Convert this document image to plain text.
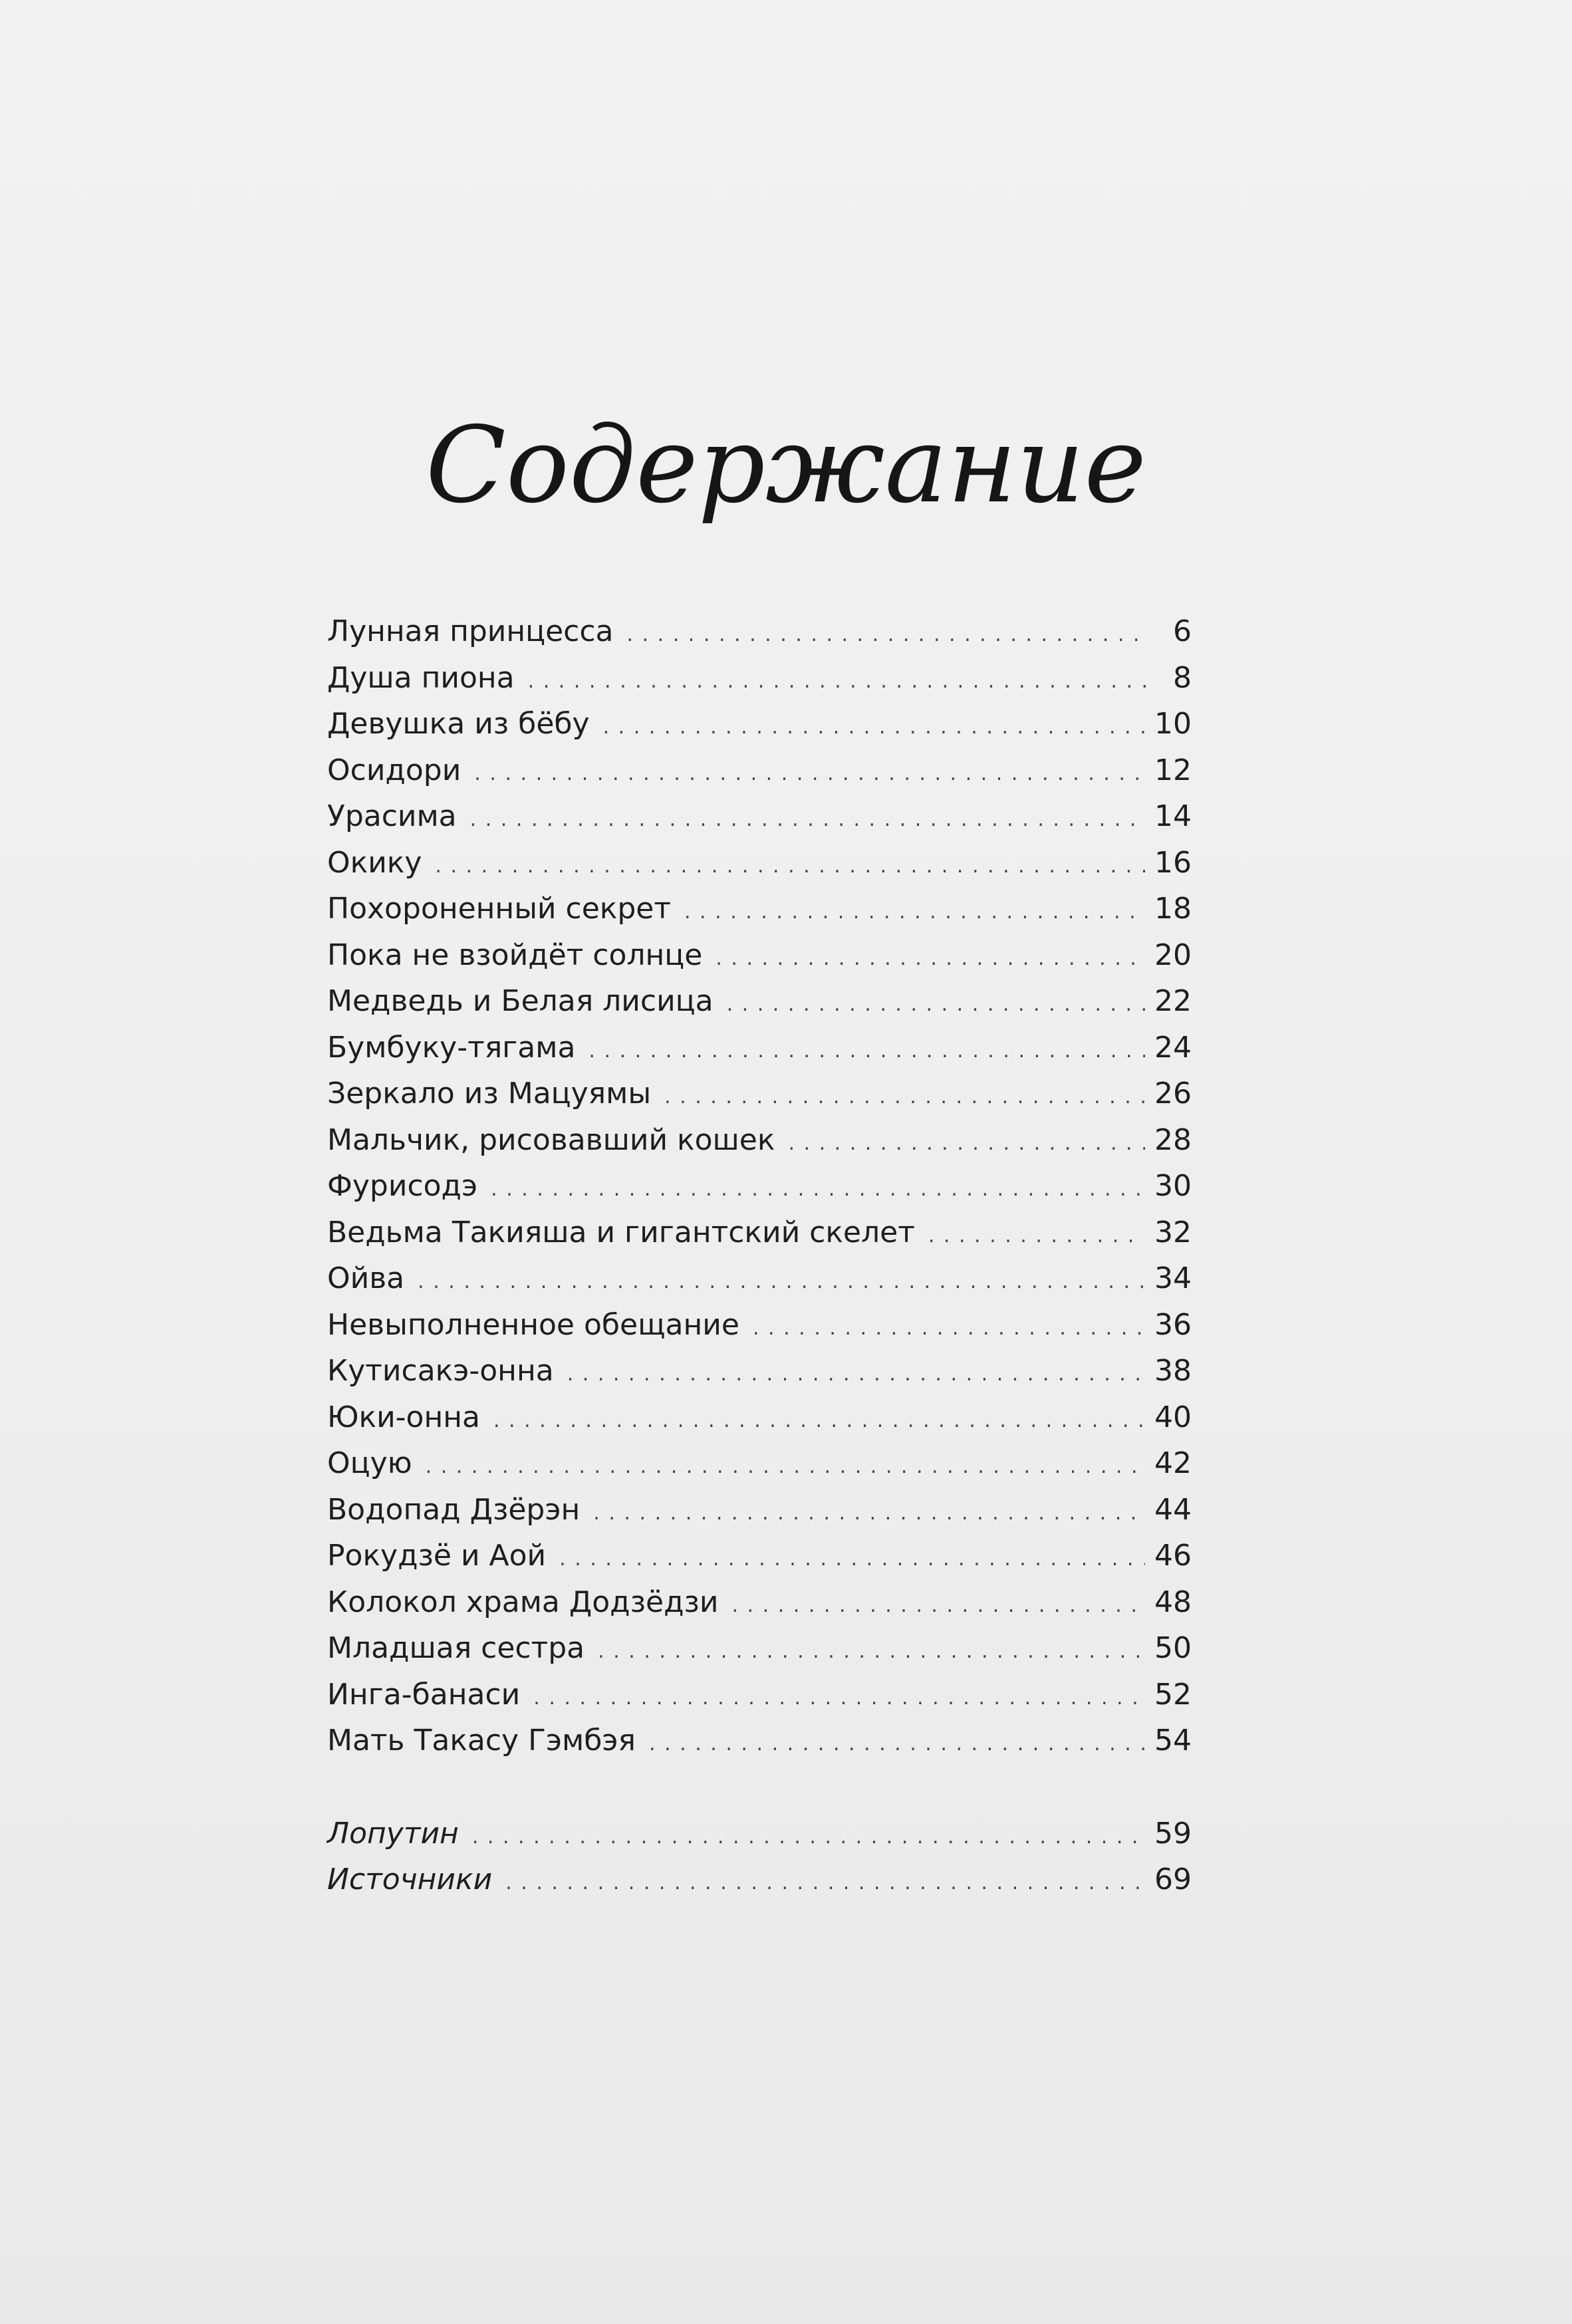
Содержание
Лунная принцесса . . .	6
Душа пиона . . .	8
Девушка из бёбу . . .	10
Осидори . . .	12
Урасима . . .	14
Окику . . .	16
Похороненный секрет . . .	18
Пока не взойдёт солнце . . .	20
Медведь и Белая лисица . . .	22
Бумбуку-тягама . . .	24
Зеркало из Мацуямы . . .	26
Мальчик, рисовавший кошек . . .	28
Фурисодэ . . .	30
Ведьма Такияша и гигантский скелет . . .	32
Ойва . . .	34
Невыполненное обещание . . .	36
Кутисакэ-онна . . .	38
Юки-онна . . .	40
Оцую . . .	42
Водопад Дзёрэн . . .	44
Рокудзё и Аой . . .	46
Колокол храма Додзёдзи . . .	48
Младшая сестра . . .	50
Инга-банаси . . .	52
Мать Такасу Гэмбэя . . .	54
Лопутин . . .	59
Источники . . .	69
